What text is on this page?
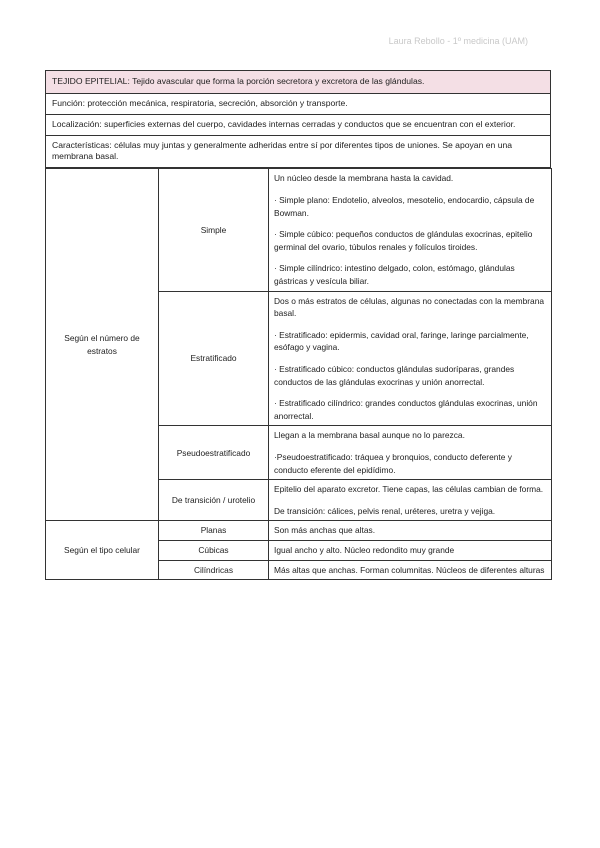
Laura Rebollo - 1º medicina (UAM)
TEJIDO EPITELIAL: Tejido avascular que forma la porción secretora y excretora de las glándulas.
Función: protección mecánica, respiratoria, secreción, absorción y transporte.
Localización: superficies externas del cuerpo, cavidades internas cerradas y conductos que se encuentran con el exterior.
Características: células muy juntas y generalmente adheridas entre sí por diferentes tipos de uniones. Se apoyan en una membrana basal.
Según el número de estratos	Simple	Un núcleo desde la membrana hasta la cavidad.

· Simple plano: Endotelio, alveolos, mesotelio, endocardio, cápsula de Bowman.

· Simple cúbico: pequeños conductos de glándulas exocrinas, epitelio germinal del ovario, túbulos renales y folículos tiroides.

· Simple cilíndrico: intestino delgado, colon, estómago, glándulas gástricas y vesícula biliar.

	Estratificado	Dos o más estratos de células, algunas no conectadas con la membrana basal.

· Estratificado: epidermis, cavidad oral, faringe, laringe parcialmente, esófago y vagina.

· Estratificado cúbico: conductos glándulas sudoríparas, grandes conductos de las glándulas exocrinas y unión anorrectal.

· Estratificado cilíndrico: grandes conductos glándulas exocrinas, unión anorrectal.

	Pseudoestratificado	Llegan a la membrana basal aunque no lo parezca.

·Pseudoestratificado: tráquea y bronquios, conducto deferente y conducto eferente del epidídimo.

	De transición / urotelio	Epitelio del aparato excretor. Tiene capas, las células cambian de forma.

De transición: cálices, pelvis renal, uréteres, uretra y vejiga.

Según el tipo celular	Planas	Son más anchas que altas.

	Cúbicas	Igual ancho y alto. Núcleo redondito muy grande

	Cilíndricas	Más altas que anchas. Forman columnitas. Núcleos de diferentes alturas
